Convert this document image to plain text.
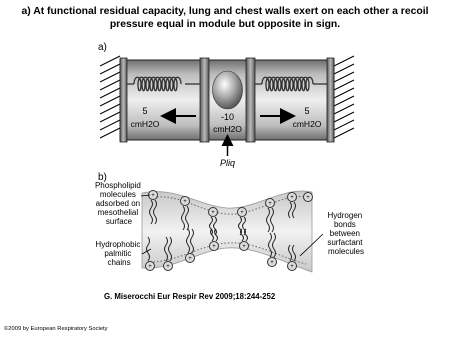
a) At functional residual capacity, lung and chest walls exert on each other a recoil pressure equal in module but opposite in sign.
a)
5
cmH2O
-10
cmH2O
5
cmH2O
Pliq
b)
+
+
+	+
+
+ +
+ +
+
+	+
+
+
Phospholipid molecules adsorbed on mesothelial surface
Hydrophobic palmitic chains
Hydrogen bonds between surfactant molecules
G. Miserocchi Eur Respir Rev 2009;18:244-252
©2009 by European Respiratory Society
